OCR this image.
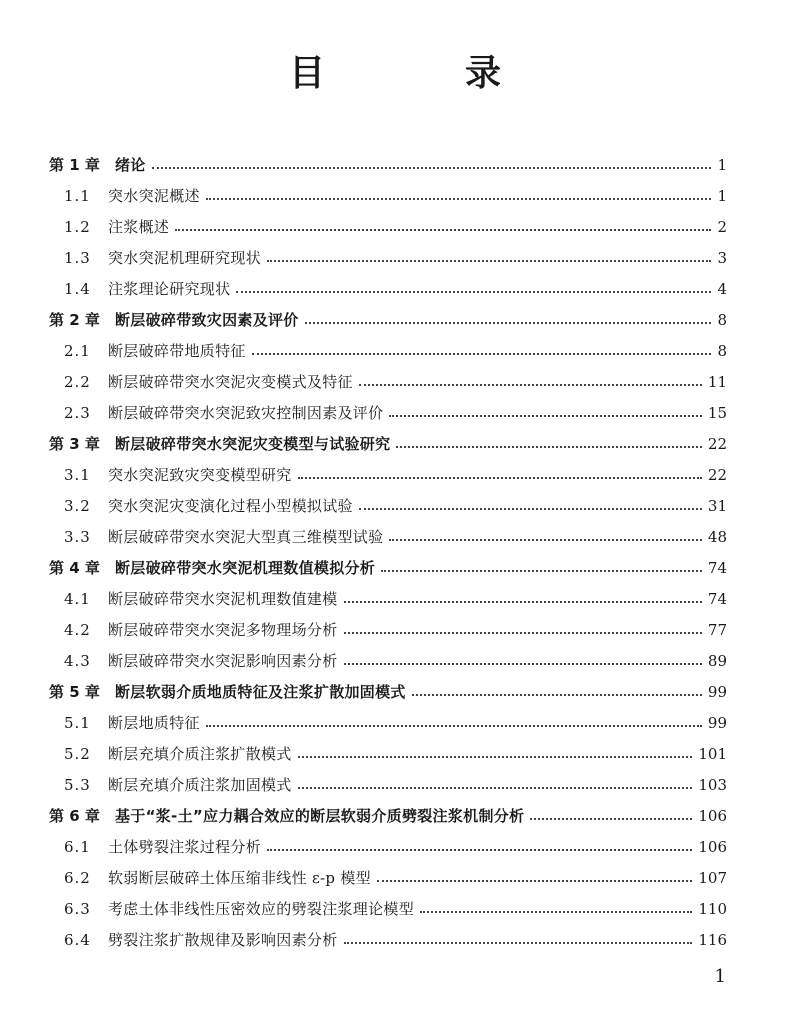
目　录
第 1 章	绪论	1
1.1	突水突泥概述	1
1.2	注浆概述	2
1.3	突水突泥机理研究现状	3
1.4	注浆理论研究现状	4
第 2 章	断层破碎带致灾因素及评价	8
2.1	断层破碎带地质特征	8
2.2	断层破碎带突水突泥灾变模式及特征	11
2.3	断层破碎带突水突泥致灾控制因素及评价	15
第 3 章	断层破碎带突水突泥灾变模型与试验研究	22
3.1	突水突泥致灾突变模型研究	22
3.2	突水突泥灾变演化过程小型模拟试验	31
3.3	断层破碎带突水突泥大型真三维模型试验	48
第 4 章	断层破碎带突水突泥机理数值模拟分析	74
4.1	断层破碎带突水突泥机理数值建模	74
4.2	断层破碎带突水突泥多物理场分析	77
4.3	断层破碎带突水突泥影响因素分析	89
第 5 章	断层软弱介质地质特征及注浆扩散加固模式	99
5.1	断层地质特征	99
5.2	断层充填介质注浆扩散模式	101
5.3	断层充填介质注浆加固模式	103
第 6 章	基于“浆-土”应力耦合效应的断层软弱介质劈裂注浆机制分析	106
6.1	土体劈裂注浆过程分析	106
6.2	软弱断层破碎土体压缩非线性 ε-p 模型	107
6.3	考虑土体非线性压密效应的劈裂注浆理论模型	110
6.4	劈裂注浆扩散规律及影响因素分析	116
1
